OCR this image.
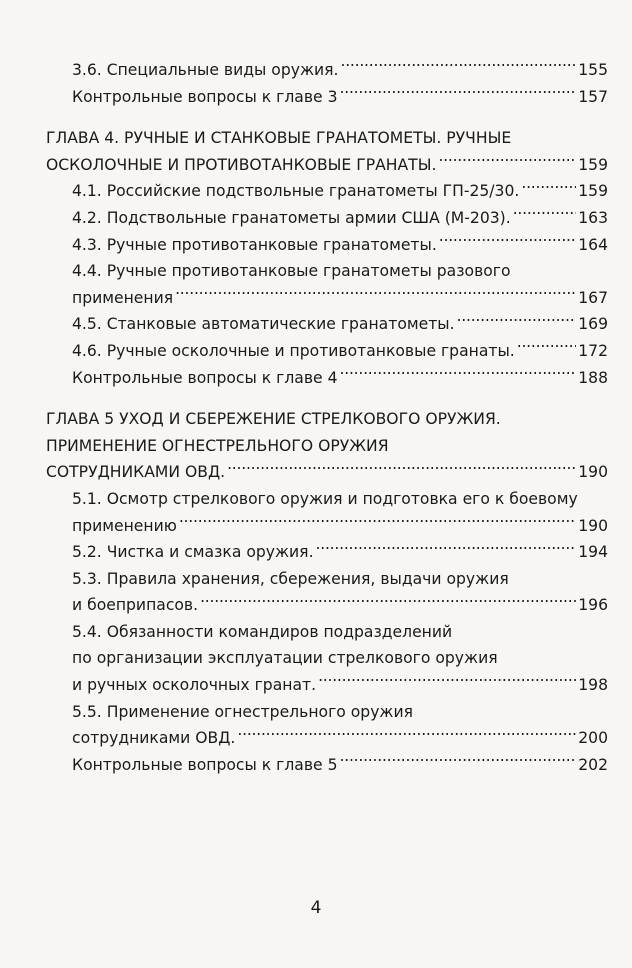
3.6. Специальные виды оружия. . . .	155
Контрольные вопросы к главе 3 . . .	157
ГЛАВА 4. РУЧНЫЕ И СТАНКОВЫЕ ГРАНАТОМЕТЫ. РУЧНЫЕ
ОСКОЛОЧНЫЕ И ПРОТИВОТАНКОВЫЕ ГРАНАТЫ. . . .	159
4.1. Российские подствольные гранатометы ГП-25/30. . . .	159
4.2. Подствольные гранатометы армии США (М-203). . . .	163
4.3. Ручные противотанковые гранатометы. . . .	164
4.4. Ручные противотанковые гранатометы разового
применения . . .	167
4.5. Станковые автоматические гранатометы. . . .	169
4.6. Ручные осколочные и противотанковые гранаты. . . .	172
Контрольные вопросы к главе 4 . . .	188
ГЛАВА 5 УХОД И СБЕРЕЖЕНИЕ СТРЕЛКОВОГО ОРУЖИЯ.
ПРИМЕНЕНИЕ ОГНЕСТРЕЛЬНОГО ОРУЖИЯ
СОТРУДНИКАМИ ОВД. . . .	190
5.1. Осмотр стрелкового оружия и подготовка его к боевому
применению . . .	190
5.2. Чистка и смазка оружия. . . .	194
5.3. Правила хранения, сбережения, выдачи оружия
и боеприпасов. . . .	196
5.4. Обязанности командиров подразделений
по организации эксплуатации стрелкового оружия
и ручных осколочных гранат. . . .	198
5.5. Применение огнестрельного оружия
сотрудниками ОВД. . . .	200
Контрольные вопросы к главе 5 . . .	202
4
